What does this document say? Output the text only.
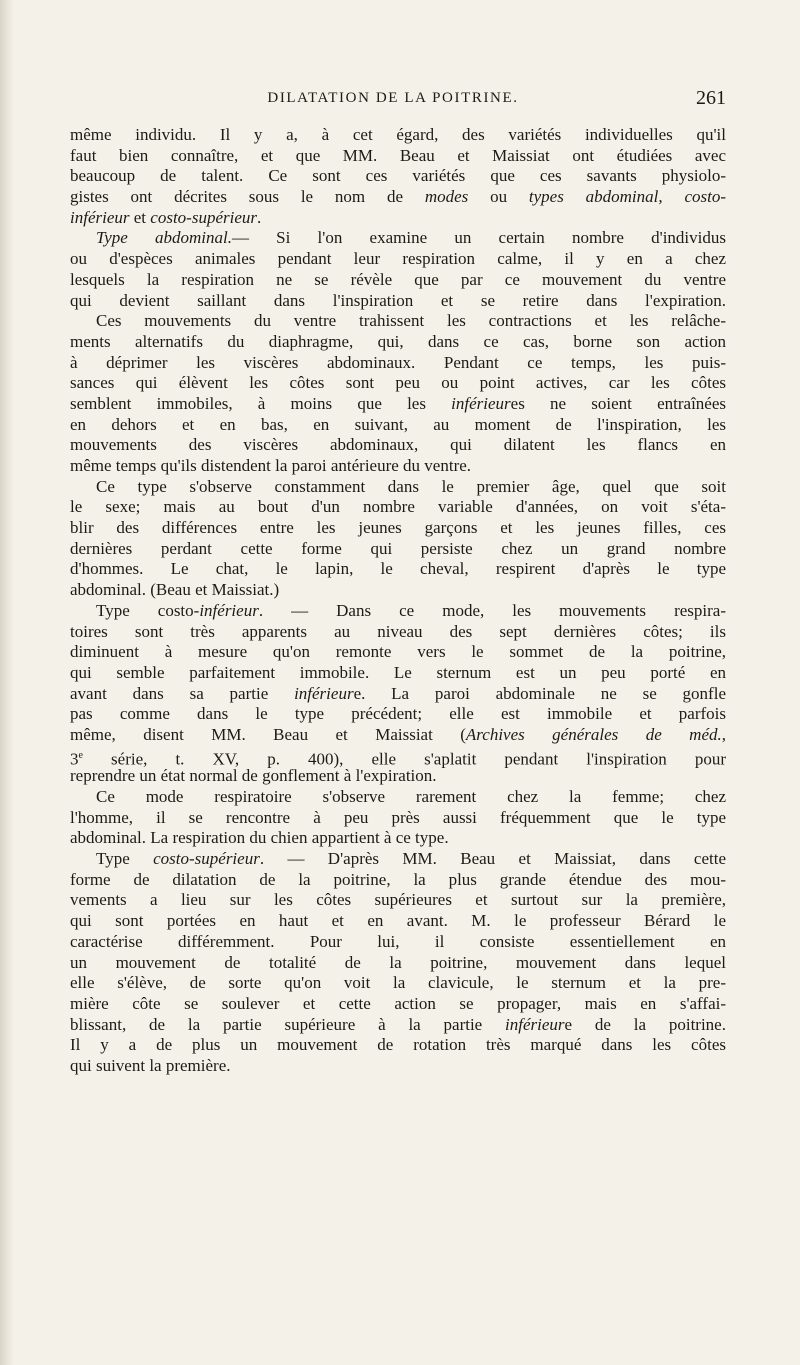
DILATATION DE LA POITRINE.	261
même individu. Il y a, à cet égard, des variétés individuelles qu'il
faut bien connaître, et que MM. Beau et Maissiat ont étudiées avec
beaucoup de talent. Ce sont ces variétés que ces savants physiolo-
gistes ont décrites sous le nom de modes ou types abdominal, costo-
inférieur et costo-supérieur.
Type abdominal.— Si l'on examine un certain nombre d'individus
ou d'espèces animales pendant leur respiration calme, il y en a chez
lesquels la respiration ne se révèle que par ce mouvement du ventre
qui devient saillant dans l'inspiration et se retire dans l'expiration.
Ces mouvements du ventre trahissent les contractions et les relâche-
ments alternatifs du diaphragme, qui, dans ce cas, borne son action
à déprimer les viscères abdominaux. Pendant ce temps, les puis-
sances qui élèvent les côtes sont peu ou point actives, car les côtes
semblent immobiles, à moins que les inférieures ne soient entraînées
en dehors et en bas, en suivant, au moment de l'inspiration, les
mouvements des viscères abdominaux, qui dilatent les flancs en
même temps qu'ils distendent la paroi antérieure du ventre.
Ce type s'observe constamment dans le premier âge, quel que soit
le sexe; mais au bout d'un nombre variable d'années, on voit s'éta-
blir des différences entre les jeunes garçons et les jeunes filles, ces
dernières perdant cette forme qui persiste chez un grand nombre
d'hommes. Le chat, le lapin, le cheval, respirent d'après le type
abdominal. (Beau et Maissiat.)
Type costo-inférieur. — Dans ce mode, les mouvements respira-
toires sont très apparents au niveau des sept dernières côtes; ils
diminuent à mesure qu'on remonte vers le sommet de la poitrine,
qui semble parfaitement immobile. Le sternum est un peu porté en
avant dans sa partie inférieure. La paroi abdominale ne se gonfle
pas comme dans le type précédent; elle est immobile et parfois
même, disent MM. Beau et Maissiat (Archives générales de méd.,
3e série, t. XV, p. 400), elle s'aplatit pendant l'inspiration pour
reprendre un état normal de gonflement à l'expiration.
Ce mode respiratoire s'observe rarement chez la femme; chez
l'homme, il se rencontre à peu près aussi fréquemment que le type
abdominal. La respiration du chien appartient à ce type.
Type costo-supérieur. — D'après MM. Beau et Maissiat, dans cette
forme de dilatation de la poitrine, la plus grande étendue des mou-
vements a lieu sur les côtes supérieures et surtout sur la première,
qui sont portées en haut et en avant. M. le professeur Bérard le
caractérise différemment. Pour lui, il consiste essentiellement en
un mouvement de totalité de la poitrine, mouvement dans lequel
elle s'élève, de sorte qu'on voit la clavicule, le sternum et la pre-
mière côte se soulever et cette action se propager, mais en s'affai-
blissant, de la partie supérieure à la partie inférieure de la poitrine.
Il y a de plus un mouvement de rotation très marqué dans les côtes
qui suivent la première.
